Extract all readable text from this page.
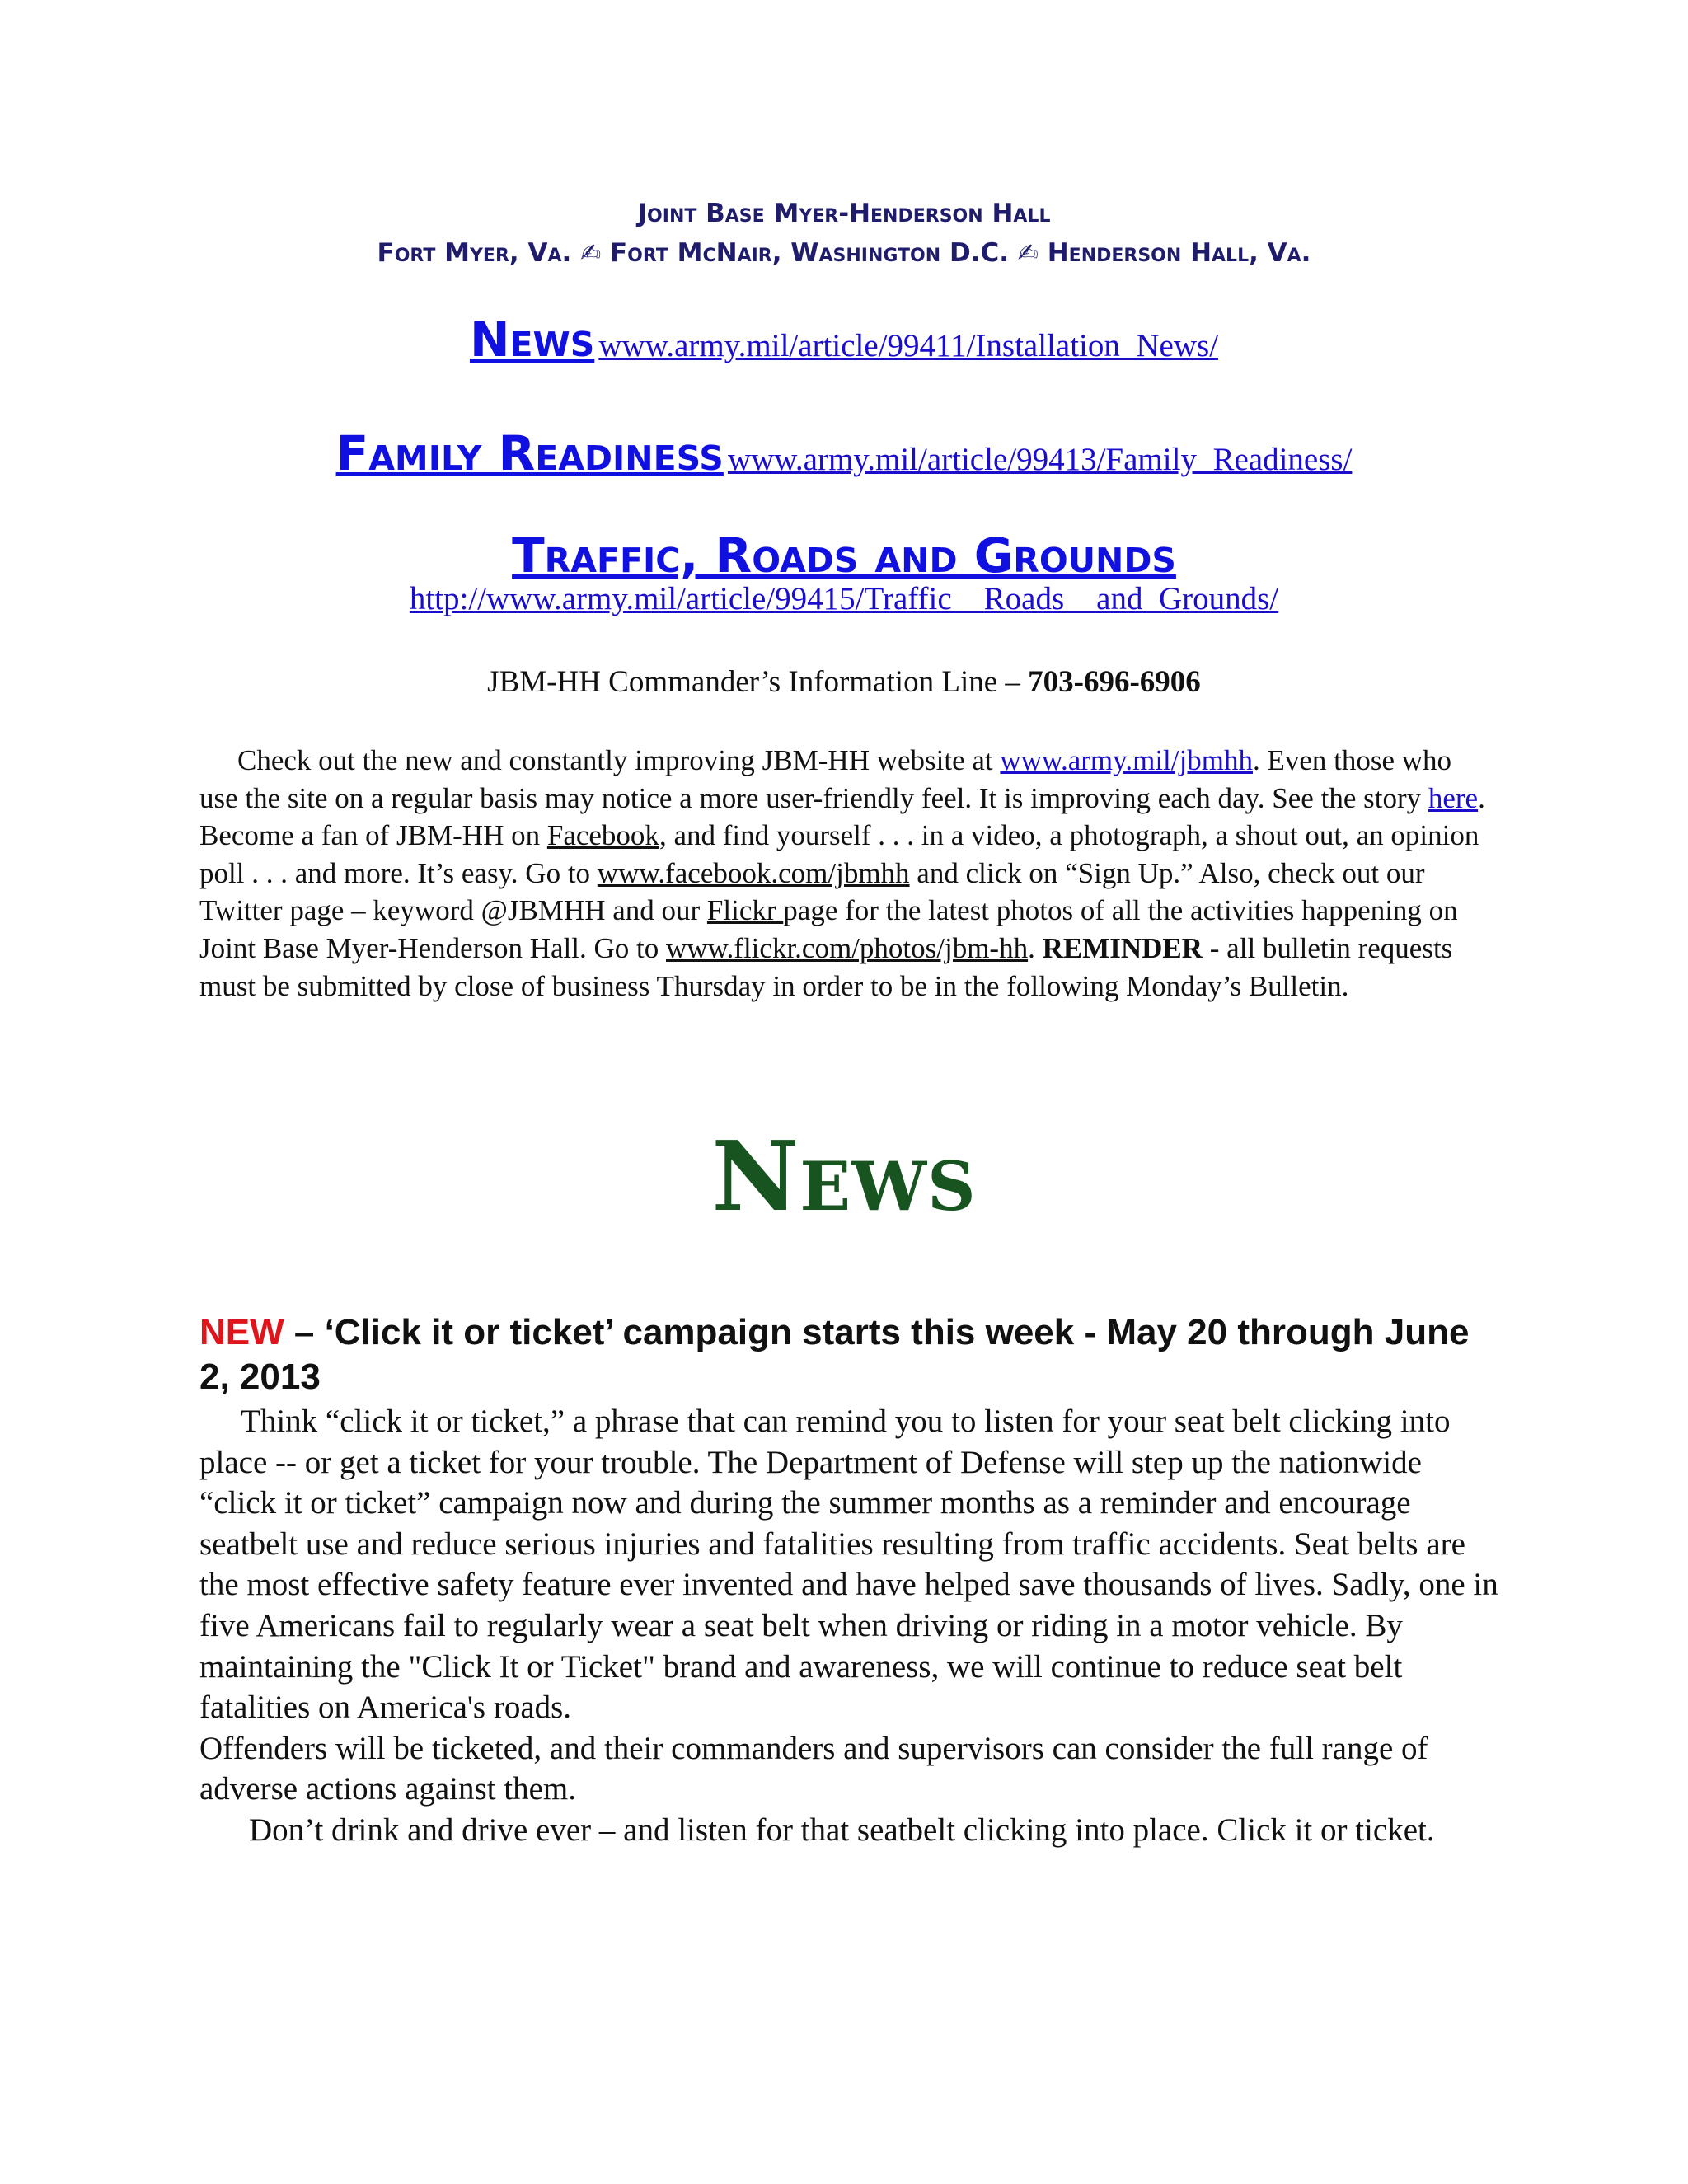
Joint Base Myer-Henderson Hall
Fort Myer, Va. ✍ Fort McNair, Washington D.C. ✍ Henderson Hall, Va.
News www.army.mil/article/99411/Installation_News/
Family Readiness www.army.mil/article/99413/Family_Readiness/
Traffic, Roads and Grounds
http://www.army.mil/article/99415/Traffic__Roads__and_Grounds/
JBM-HH Commander’s Information Line – 703-696-6906
Check out the new and constantly improving JBM-HH website at www.army.mil/jbmhh. Even those who use the site on a regular basis may notice a more user-friendly feel. It is improving each day. See the story here. Become a fan of JBM-HH on Facebook, and find yourself . . . in a video, a photograph, a shout out, an opinion poll . . . and more. It’s easy. Go to www.facebook.com/jbmhh and click on “Sign Up.” Also, check out our Twitter page – keyword @JBMHH and our Flickr page for the latest photos of all the activities happening on Joint Base Myer-Henderson Hall. Go to www.flickr.com/photos/jbm-hh. REMINDER - all bulletin requests must be submitted by close of business Thursday in order to be in the following Monday’s Bulletin.
News
NEW – ‘Click it or ticket’ campaign starts this week - May 20 through June 2, 2013

Think “click it or ticket,” a phrase that can remind you to listen for your seat belt clicking into place -- or get a ticket for your trouble. The Department of Defense will step up the nationwide “click it or ticket” campaign now and during the summer months as a reminder and encourage seatbelt use and reduce serious injuries and fatalities resulting from traffic accidents. Seat belts are the most effective safety feature ever invented and have helped save thousands of lives. Sadly, one in five Americans fail to regularly wear a seat belt when driving or riding in a motor vehicle. By maintaining the "Click It or Ticket" brand and awareness, we will continue to reduce seat belt fatalities on America's roads.

Offenders will be ticketed, and their commanders and supervisors can consider the full range of adverse actions against them.

Don’t drink and drive ever – and listen for that seatbelt clicking into place. Click it or ticket.
